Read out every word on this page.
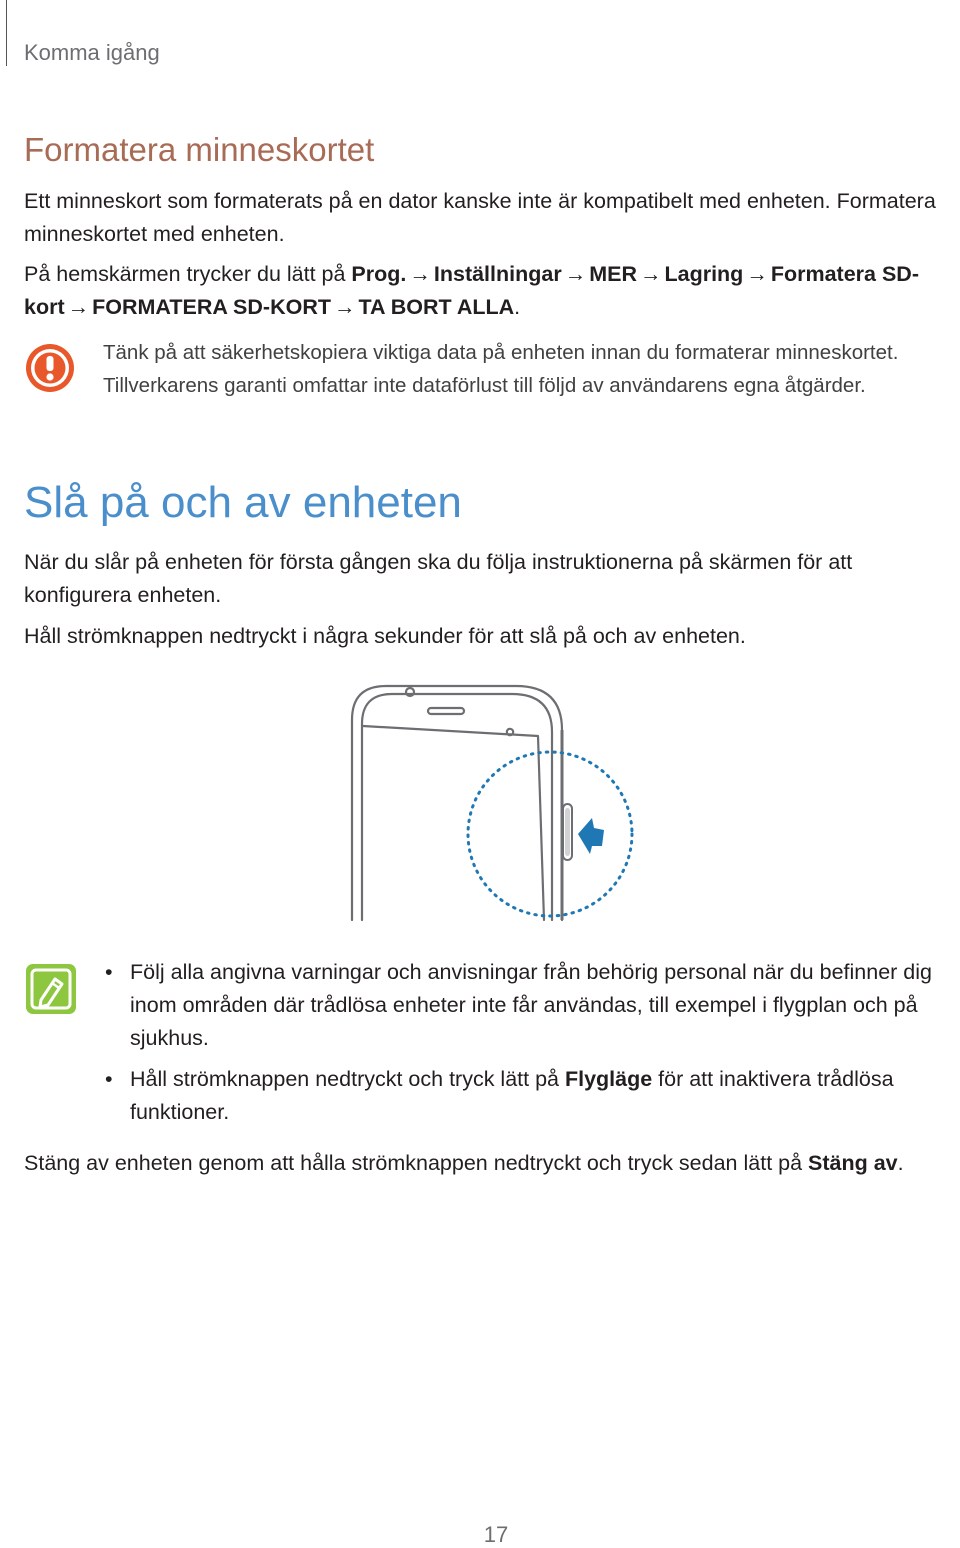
Komma igång
Formatera minneskortet

Ett minneskort som formaterats på en dator kanske inte är kompatibelt med enheten. Formatera minneskortet med enheten.

På hemskärmen trycker du lätt på Prog. → Inställningar → MER → Lagring → Formatera SD-kort → FORMATERA SD-KORT → TA BORT ALLA.

Tänk på att säkerhetskopiera viktiga data på enheten innan du formaterar minneskortet. Tillverkarens garanti omfattar inte dataförlust till följd av användarens egna åtgärder.

Slå på och av enheten

När du slår på enheten för första gången ska du följa instruktionerna på skärmen för att konfigurera enheten.

Håll strömknappen nedtryckt i några sekunder för att slå på och av enheten.

• Följ alla angivna varningar och anvisningar från behörig personal när du befinner dig inom områden där trådlösa enheter inte får användas, till exempel i flygplan och på sjukhus.
• Håll strömknappen nedtryckt och tryck lätt på Flygläge för att inaktivera trådlösa funktioner.

Stäng av enheten genom att hålla strömknappen nedtryckt och tryck sedan lätt på Stäng av.

17
